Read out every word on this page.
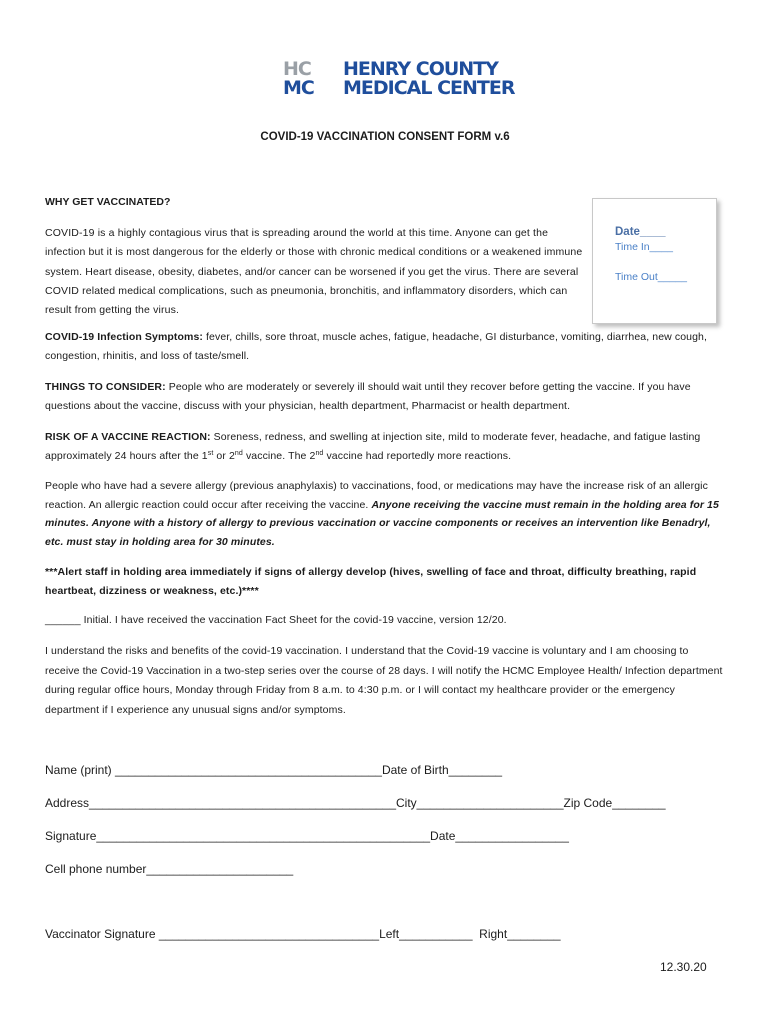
HC
MC
HENRY COUNTY
MEDICAL CENTER
COVID-19 VACCINATION CONSENT FORM v.6
WHY GET VACCINATED?
COVID-19 is a highly contagious virus that is spreading around the world at this time. Anyone can get the infection but it is most dangerous for the elderly or those with chronic medical conditions or a weakened immune system. Heart disease, obesity, diabetes, and/or cancer can be worsened if you get the virus. There are several COVID related medical complications, such as pneumonia, bronchitis, and inflammatory disorders, which can result from getting the virus.
Date____
Time In____
Time Out_____
COVID-19 Infection Symptoms: fever, chills, sore throat, muscle aches, fatigue, headache, GI disturbance, vomiting, diarrhea, new cough, congestion, rhinitis, and loss of taste/smell.
THINGS TO CONSIDER: People who are moderately or severely ill should wait until they recover before getting the vaccine. If you have questions about the vaccine, discuss with your physician, health department, Pharmacist or health department.
RISK OF A VACCINE REACTION: Soreness, redness, and swelling at injection site, mild to moderate fever, headache, and fatigue lasting approximately 24 hours after the 1st or 2nd vaccine. The 2nd vaccine had reportedly more reactions.
People who have had a severe allergy (previous anaphylaxis) to vaccinations, food, or medications may have the increase risk of an allergic reaction. An allergic reaction could occur after receiving the vaccine. Anyone receiving the vaccine must remain in the holding area for 15 minutes. Anyone with a history of allergy to previous vaccination or vaccine components or receives an intervention like Benadryl, etc. must stay in holding area for 30 minutes.
***Alert staff in holding area immediately if signs of allergy develop (hives, swelling of face and throat, difficulty breathing, rapid heartbeat, dizziness or weakness, etc.)****
______ Initial. I have received the vaccination Fact Sheet for the covid-19 vaccine, version 12/20.
I understand the risks and benefits of the covid-19 vaccination. I understand that the Covid-19 vaccine is voluntary and I am choosing to receive the Covid-19 Vaccination in a two-step series over the course of 28 days. I will notify the HCMC Employee Health/ Infection department during regular office hours, Monday through Friday from 8 a.m. to 4:30 p.m. or I will contact my healthcare provider or the emergency department if I experience any unusual signs and/or symptoms.
Name (print) ________________________________________Date of Birth________
Address______________________________________________City______________________Zip Code________
Signature__________________________________________________Date_________________
Cell phone number______________________
Vaccinator Signature _________________________________Left___________  Right________
12.30.20
